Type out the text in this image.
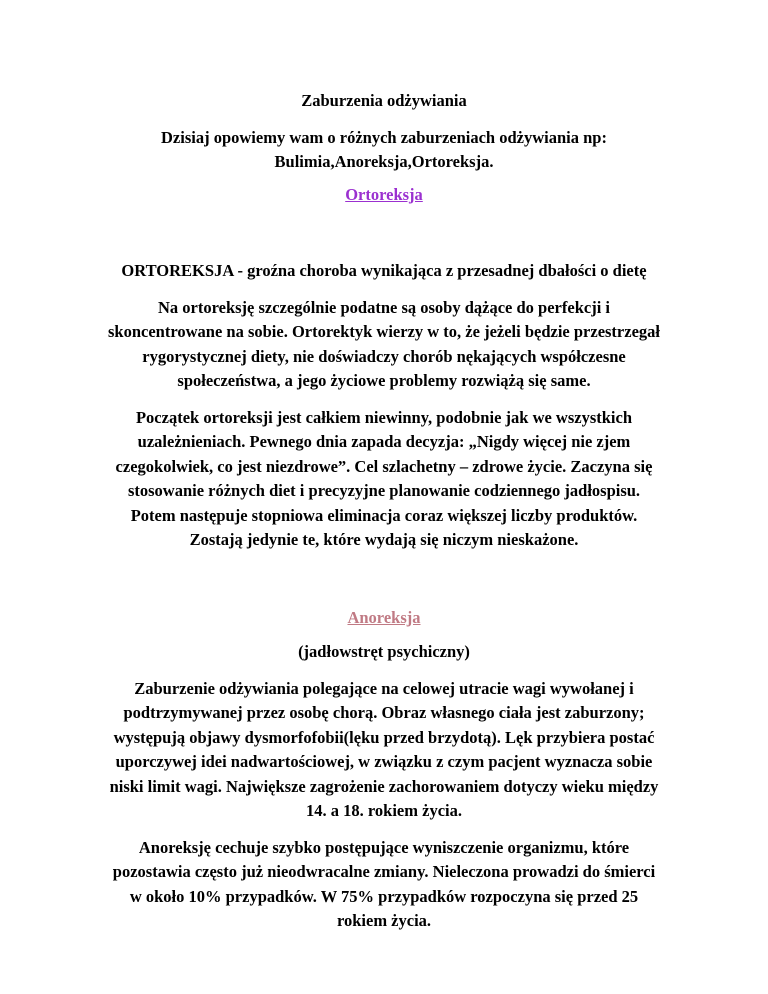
Zaburzenia odżywiania

Dzisiaj opowiemy wam o różnych zaburzeniach odżywiania np:
Bulimia,Anoreksja,Ortoreksja.

Ortoreksja

ORTOREKSJA - groźna choroba wynikająca z przesadnej dbałości o dietę

Na ortoreksję szczególnie podatne są osoby dążące do perfekcji i
skoncentrowane na sobie. Ortorektyk wierzy w to, że jeżeli będzie przestrzegał
rygorystycznej diety, nie doświadczy chorób nękających współczesne
społeczeństwa, a jego życiowe problemy rozwiążą się same.

Początek ortoreksji jest całkiem niewinny, podobnie jak we wszystkich
uzależnieniach. Pewnego dnia zapada decyzja: „Nigdy więcej nie zjem
czegokolwiek, co jest niezdrowe”. Cel szlachetny – zdrowe życie. Zaczyna się
stosowanie różnych diet i precyzyjne planowanie codziennego jadłospisu.
Potem następuje stopniowa eliminacja coraz większej liczby produktów.
Zostają jedynie te, które wydają się niczym nieskażone.

Anoreksja

(jadłowstręt psychiczny)

Zaburzenie odżywiania polegające na celowej utracie wagi wywołanej i
podtrzymywanej przez osobę chorą. Obraz własnego ciała jest zaburzony;
występują objawy dysmorfofobii(lęku przed brzydotą). Lęk przybiera postać
uporczywej idei nadwartościowej, w związku z czym pacjent wyznacza sobie
niski limit wagi. Największe zagrożenie zachorowaniem dotyczy wieku między
14. a 18. rokiem życia.

Anoreksję cechuje szybko postępujące wyniszczenie organizmu, które
pozostawia często już nieodwracalne zmiany. Nieleczona prowadzi do śmierci
w około 10% przypadków. W 75% przypadków rozpoczyna się przed 25
rokiem życia.
